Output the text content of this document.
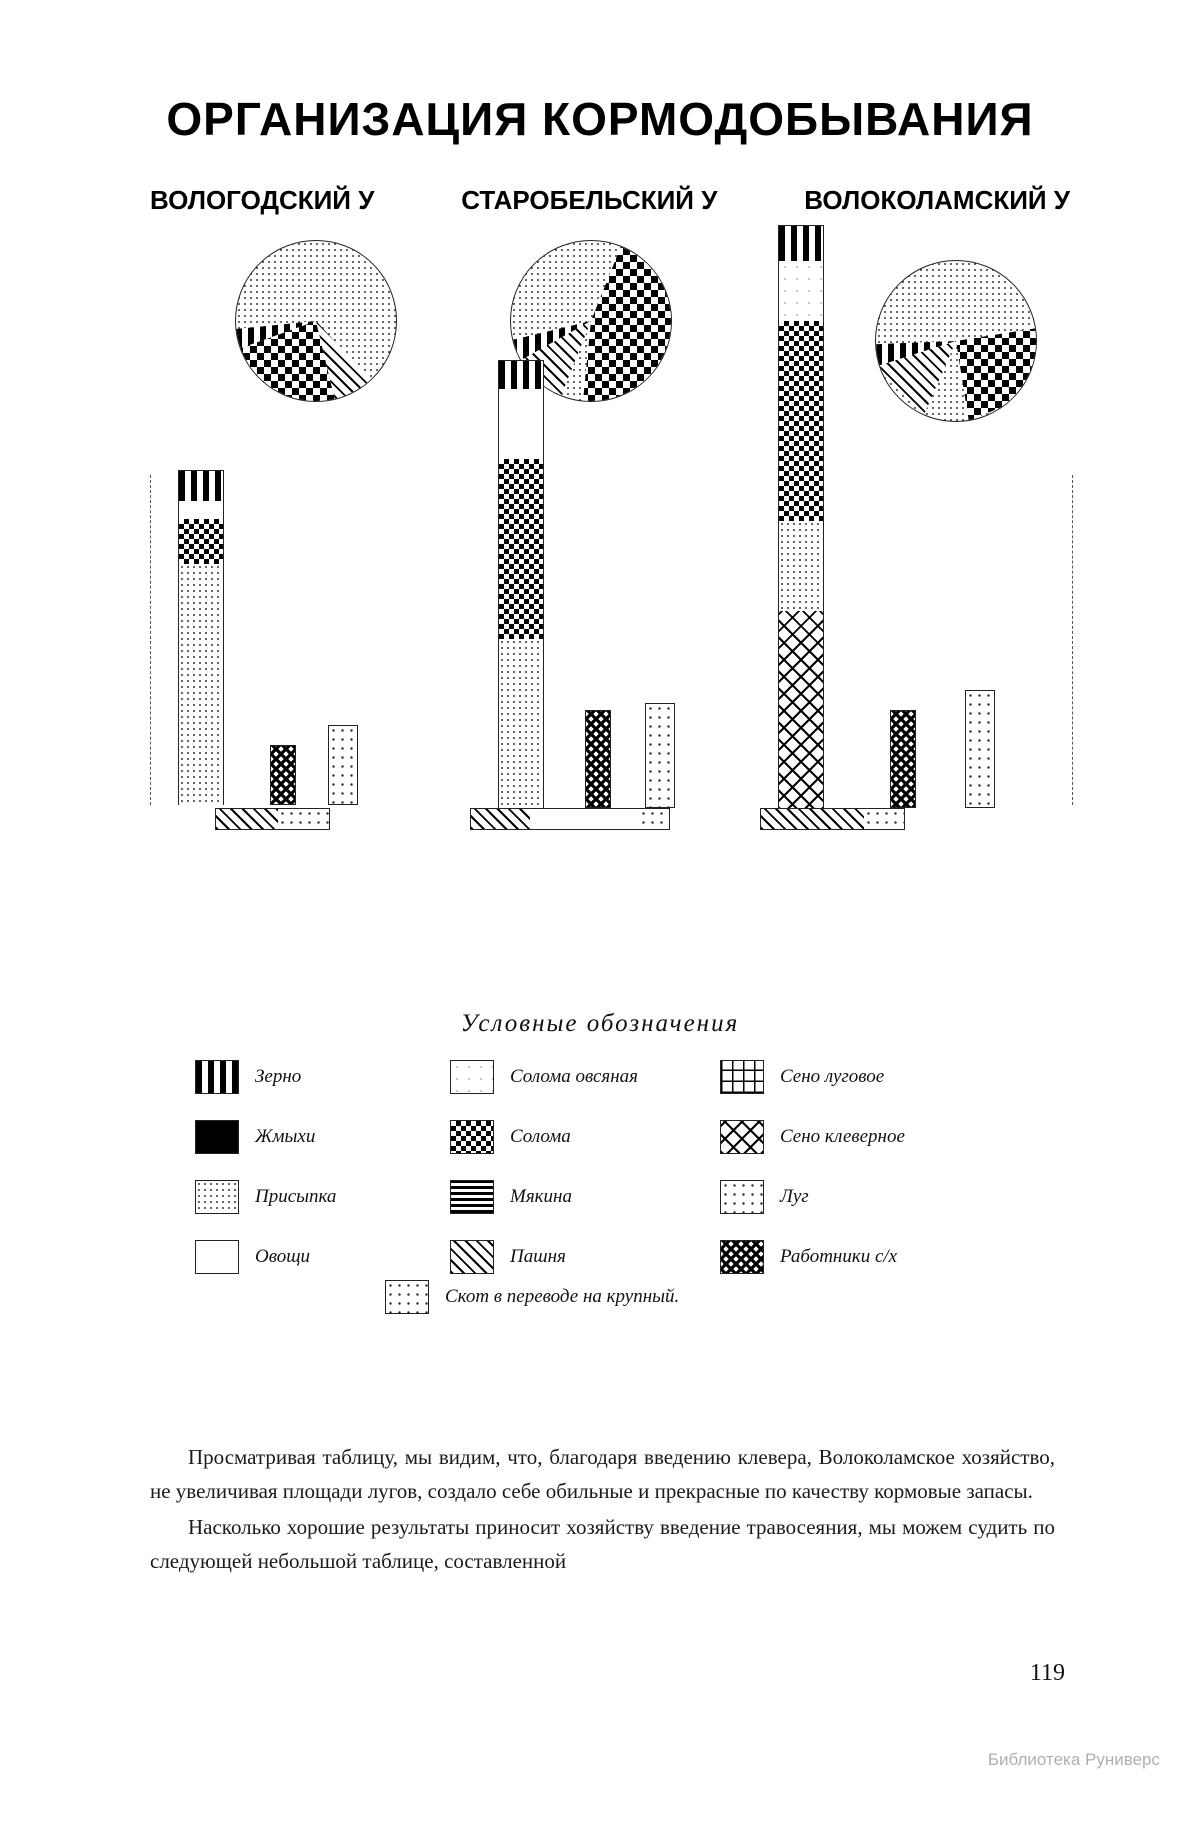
ОРГАНИЗАЦИЯ КОРМОДОБЫВАНИЯ
ВОЛОГОДСКИЙ У	СТАРОБЕЛЬСКИЙ У	ВОЛОКОЛАМСКИЙ У
Условные обозначения
Зерно
Жмыхи
Присыпка
Овощи
Солома овсяная
Солома
Мякина
Пашня
Сено луговое
Сено клеверное
Луг
Работники с/х
Скот в переводе на крупный.

Просматривая таблицу, мы видим, что, благодаря введению клевера, Волоколамское хозяйство, не увеличивая площади лугов, создало себе обильные и прекрасные по качеству кормовые запасы.

Насколько хорошие результаты приносит хозяйству введение травосеяния, мы можем судить по следующей небольшой таблице, составленной

119
Библиотека Руниверс
